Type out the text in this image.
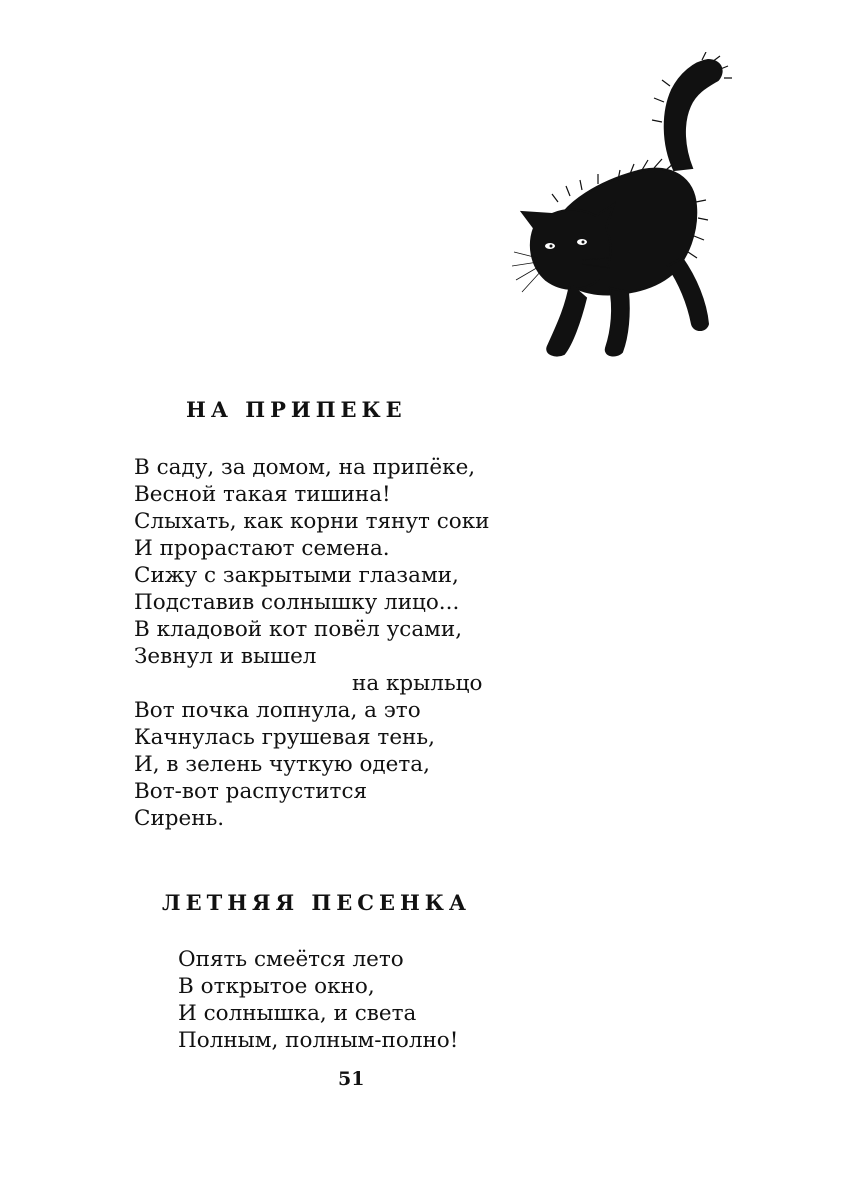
НА ПРИПЕКЕ
В саду, за домом, на припёке,
Весной такая тишина!
Слыхать, как корни тянут соки
И прорастают семена.
Сижу с закрытыми глазами,
Подставив солнышку лицо...
В кладовой кот повёл усами,
Зевнул и вышел
на крыльцо
Вот почка лопнула, а это
Качнулась грушевая тень,
И, в зелень чуткую одета,
Вот-вот распустится
Сирень.
ЛЕТНЯЯ ПЕСЕНКА
Опять смеётся лето
В открытое окно,
И солнышка, и света
Полным, полным-полно!

51
